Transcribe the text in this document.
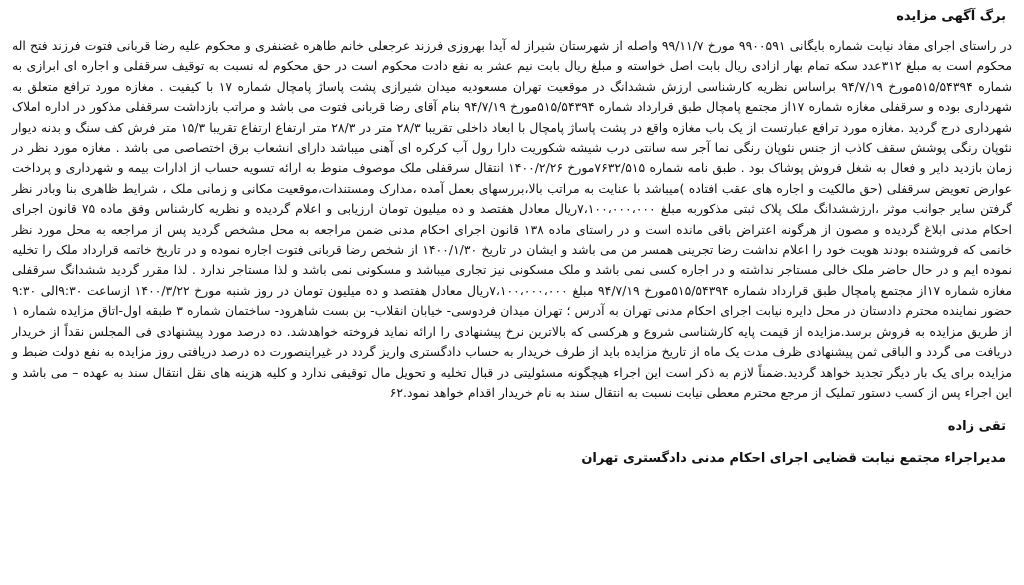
برگ آگهی مزایده
در راستای اجرای مفاد نیابت شماره بایگانی ۹۹۰۰۵۹۱ مورخ ۹۹/۱۱/۷ واصله از شهرستان شیراز له آیدا بهروزی فرزند عرجعلی خانم طاهره غضنفری و محکوم علیه رضا قربانی فتوت فرزند فتح اله محکوم است به مبلغ ۳۱۲عدد سکه تمام بهار ازادی ریال بابت اصل خواسته و مبلغ ریال بابت نیم عشر به نفع دادت محکوم است در حق محکوم له نسبت به توقیف سرقفلی و اجاره ای ابرازی به شماره ۵۱۵/۵۴۳۹۴مورخ ۹۴/۷/۱۹ براساس نظریه کارشناسی ارزش ششدانگ در موقعیت تهران مسعودیه میدان شیرازی پشت پاساژ پامچال شماره ۱۷ با کیفیت . مغازه مورد ترافع متعلق به شهرداری بوده و سرقفلی مغازه شماره ۱۷از مجتمع پامچال طبق قرارداد شماره ۵۱۵/۵۴۳۹۴مورخ ۹۴/۷/۱۹ بنام آقای رضا قربانی فتوت می باشد و مراتب بازداشت سرقفلی مذکور در اداره املاک شهرداری درج گردید .مغازه مورد ترافع عبارتست از یک باب مغازه واقع در پشت پاساژ پامچال با ابعاد داخلی تقریبا ۲۸/۳ متر در ۲۸/۳ متر ارتفاع ارتفاع تقریبا ۱۵/۳ متر فرش کف سنگ و بدنه دیوار نئوپان رنگی پوشش سقف کاذب از جنس نئوپان رنگی نما آجر سه سانتی درب شیشه شکوریت دارا رول آب کرکره ای آهنی میباشد دارای انشعاب برق اختصاصی می باشد . مغازه مورد نظر در زمان بازدید دایر و فعال به شغل فروش پوشاک بود . طبق نامه شماره ۷۶۳۲/۵۱۵مورخ ۱۴۰۰/۲/۲۶ انتقال سرقفلی ملک موصوف منوط به ارائه تسویه حساب از ادارات بیمه و شهرداری و پرداخت عوارض تعویض سرقفلی (حق مالکیت و اجاره های عقب افتاده )میباشد با عنایت به مراتب بالا،بررسهای بعمل آمده ،مدارک ومستندات،موقعیت مکانی و زمانی ملک ، شرایط ظاهری بنا وبادر نظر گرفتن سایر جوانب موثر ،ارزششدانگ ملک پلاک ثبتی مذکوربه مبلغ ۷،۱۰۰،۰۰۰،۰۰۰ریال معادل هفتصد و ده میلیون تومان ارزیابی و اعلام گردیده و نظریه کارشناس وفق ماده ۷۵ قانون اجرای احکام مدنی ابلاغ گردیده و مصون از هرگونه اعتراض باقی مانده است و در راستای ماده ۱۳۸ قانون اجرای احکام مدنی ضمن مراجعه به محل مشخص گردید پس از مراجعه به محل مورد نظر خانمی که فروشنده بودند هویت خود را اعلام نداشت رضا تجرینی همسر من می باشد و ایشان در تاریخ ۱۴۰۰/۱/۳۰ از شخص رضا قربانی فتوت اجاره نموده و در تاریخ خاتمه قرارداد ملک را تخلیه نموده ایم و در حال حاضر ملک خالی مستاجر نداشته و در اجاره کسی نمی باشد و ملک مسکونی نیز تجاری میباشد و مسکونی نمی باشد و لذا مستاجر ندارد . لذا مقرر گردید ششدانگ سرقفلی مغازه شماره ۱۷از مجتمع پامچال طبق قرارداد شماره ۵۱۵/۵۴۳۹۴مورخ ۹۴/۷/۱۹ مبلغ ۷،۱۰۰،۰۰۰،۰۰۰ریال معادل هفتصد و ده میلیون تومان در روز شنبه مورخ ۱۴۰۰/۳/۲۲ ازساعت ۹:۳۰الی ۹:۳۰ حضور نماینده محترم دادستان در محل دایره نیابت اجرای احکام مدنی تهران به آدرس ؛ تهران میدان فردوسی- خیابان انقلاب- بن بست شاهرود- ساختمان شماره ۳ طبقه اول-اتاق مزایده شماره ۱ از طریق مزایده به فروش برسد.مزایده از قیمت پایه کارشناسی شروع و هرکسی که بالاترین نرخ پیشنهادی را ارائه نماید فروخته خواهدشد. ده درصد مورد پیشنهادی فی المجلس نقداً از خریدار دریافت می گردد و الباقی ثمن پیشنهادی ظرف مدت یک ماه از تاریخ مزایده باید از طرف خریدار به حساب دادگستری واریز گردد در غیراینصورت ده درصد دریافتی روز مزایده به نفع دولت ضبط و مزایده برای یک بار دیگر تجدید خواهد گردید.ضمناً لازم به ذکر است این اجراء هیچگونه مسئولیتی در قبال تخلیه و تحویل مال توقیفی ندارد و کلیه هزینه های نقل انتقال سند به عهده – می باشد و این اجراء پس از کسب دستور تملیک از مرجع محترم معطی نیابت نسبت به انتقال سند به نام خریدار اقدام خواهد نمود.۶۲
تقی زاده
مدیراجراء مجتمع نیابت قضایی اجرای احکام مدنی دادگستری تهران
